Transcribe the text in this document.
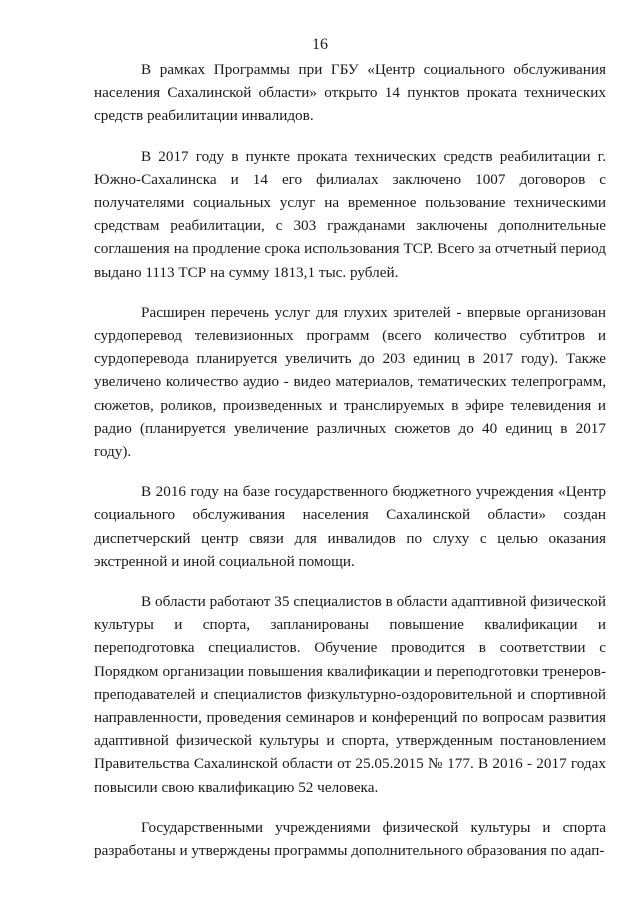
16

В рамках Программы при ГБУ «Центр социального обслуживания населения Сахалинской области» открыто 14 пунктов проката технических средств реабилитации инвалидов.

В 2017 году в пункте проката технических средств реабилитации г. Южно-Сахалинска и 14 его филиалах заключено 1007 договоров с получателями социальных услуг на временное пользование техническими средствам реабилитации, с 303 гражданами заключены дополнительные соглашения на продление срока использования ТСР. Всего за отчетный период выдано 1113 ТСР на сумму 1813,1 тыс. рублей.

Расширен перечень услуг для глухих зрителей - впервые организован сурдоперевод телевизионных программ (всего количество субтитров и сурдоперевода планируется увеличить до 203 единиц в 2017 году). Также увеличено количество аудио - видео материалов, тематических телепрограмм, сюжетов, роликов, произведенных и транслируемых в эфире телевидения и радио (планируется увеличение различных сюжетов до 40 единиц в 2017 году).

В 2016 году на базе государственного бюджетного учреждения «Центр социального обслуживания населения Сахалинской области» создан диспетчерский центр связи для инвалидов по слуху с целью оказания экстренной и иной социальной помощи.

В области работают 35 специалистов в области адаптивной физической культуры и спорта, запланированы повышение квалификации и переподготовка специалистов. Обучение проводится в соответствии с Порядком организации повышения квалификации и переподготовки тренеров-преподавателей и специалистов физкультурно-оздоровительной и спортивной направленности, проведения семинаров и конференций по вопросам развития адаптивной физической культуры и спорта, утвержденным постановлением Правительства Сахалинской области от 25.05.2015 № 177. В 2016 - 2017 годах повысили свою квалификацию 52 человека.

Государственными учреждениями физической культуры и спорта разработаны и утверждены программы дополнительного образования по адап-
